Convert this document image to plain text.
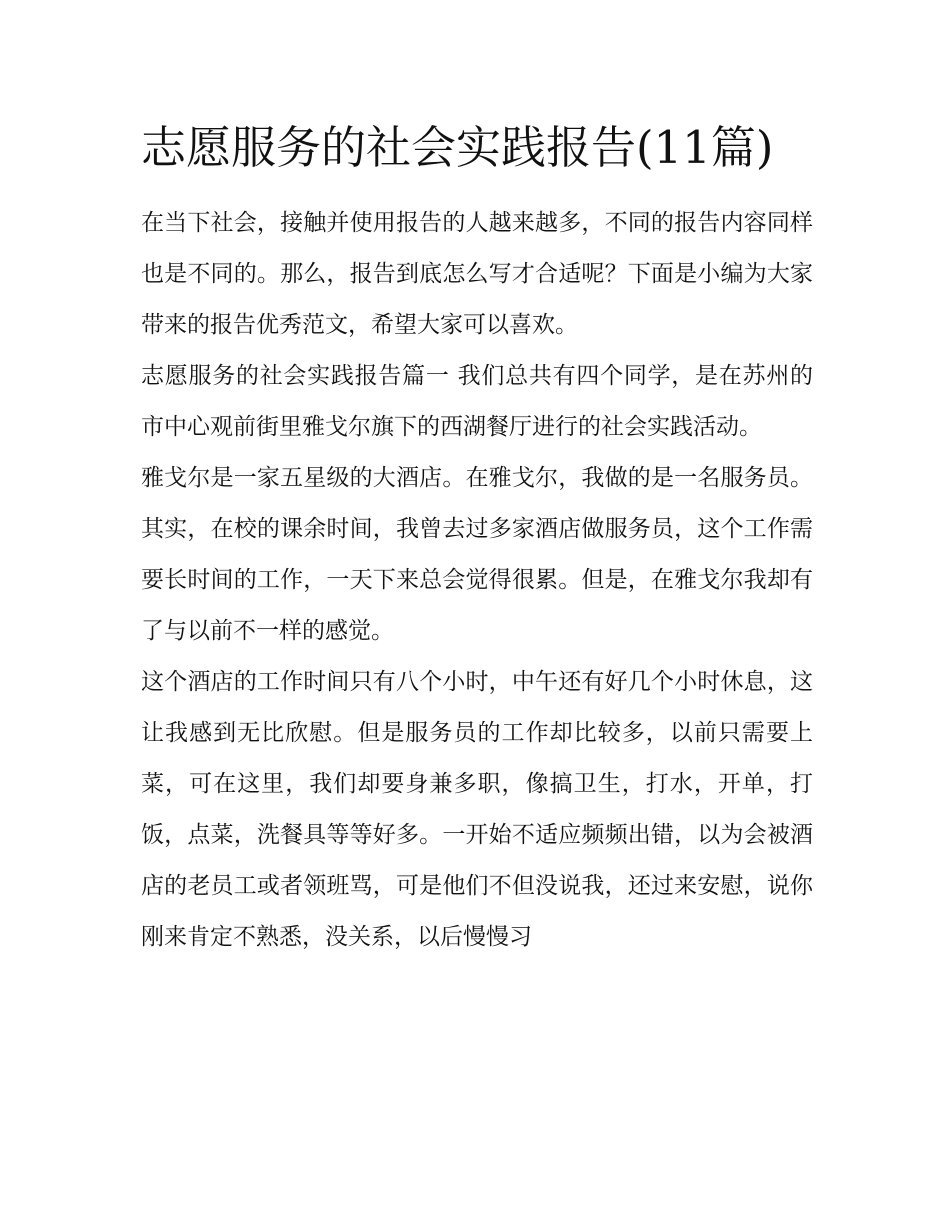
志愿服务的社会实践报告(11篇)

在当下社会，接触并使用报告的人越来越多，不同的报告内容同样也是不同的。那么，报告到底怎么写才合适呢？下面是小编为大家带来的报告优秀范文，希望大家可以喜欢。

志愿服务的社会实践报告篇一 我们总共有四个同学，是在苏州的市中心观前街里雅戈尔旗下的西湖餐厅进行的社会实践活动。

雅戈尔是一家五星级的大酒店。在雅戈尔，我做的是一名服务员。其实，在校的课余时间，我曾去过多家酒店做服务员，这个工作需要长时间的工作，一天下来总会觉得很累。但是，在雅戈尔我却有了与以前不一样的感觉。

这个酒店的工作时间只有八个小时，中午还有好几个小时休息，这让我感到无比欣慰。但是服务员的工作却比较多，以前只需要上菜，可在这里，我们却要身兼多职，像搞卫生，打水，开单，打饭，点菜，洗餐具等等好多。一开始不适应频频出错，以为会被酒店的老员工或者领班骂，可是他们不但没说我，还过来安慰，说你刚来肯定不熟悉，没关系，以后慢慢习
